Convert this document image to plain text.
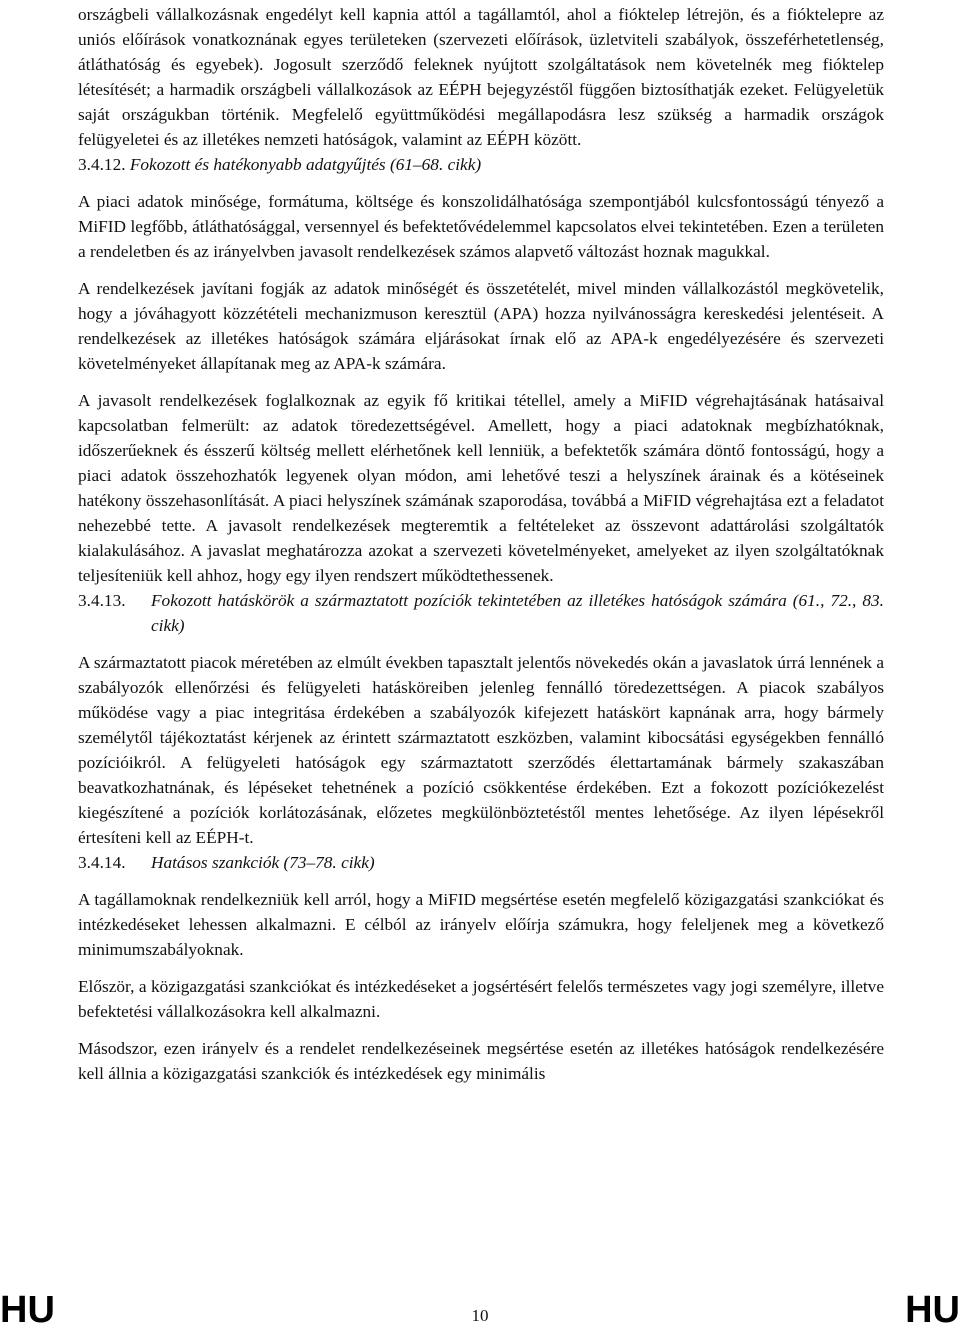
országbeli vállalkozásnak engedélyt kell kapnia attól a tagállamtól, ahol a fióktelep létrejön, és a fióktelepre az uniós előírások vonatkoznának egyes területeken (szervezeti előírások, üzletviteli szabályok, összeférhetetlenség, átláthatóság és egyebek). Jogosult szerződő feleknek nyújtott szolgáltatások nem követelnék meg fióktelep létesítését; a harmadik országbeli vállalkozások az EÉPH bejegyzéstől függően biztosíthatják ezeket. Felügyeletük saját országukban történik. Megfelelő együttműködési megállapodásra lesz szükség a harmadik országok felügyeletei és az illetékes nemzeti hatóságok, valamint az EÉPH között.

3.4.12. Fokozott és hatékonyabb adatgyűjtés (61–68. cikk)

A piaci adatok minősége, formátuma, költsége és konszolidálhatósága szempontjából kulcsfontosságú tényező a MiFID legfőbb, átláthatósággal, versennyel és befektetővédelemmel kapcsolatos elvei tekintetében. Ezen a területen a rendeletben és az irányelvben javasolt rendelkezések számos alapvető változást hoznak magukkal.

A rendelkezések javítani fogják az adatok minőségét és összetételét, mivel minden vállalkozástól megkövetelik, hogy a jóváhagyott közzétételi mechanizmuson keresztül (APA) hozza nyilvánosságra kereskedési jelentéseit. A rendelkezések az illetékes hatóságok számára eljárásokat írnak elő az APA-k engedélyezésére és szervezeti követelményeket állapítanak meg az APA-k számára.

A javasolt rendelkezések foglalkoznak az egyik fő kritikai tétellel, amely a MiFID végrehajtásának hatásaival kapcsolatban felmerült: az adatok töredezettségével. Amellett, hogy a piaci adatoknak megbízhatóknak, időszerűeknek és ésszerű költség mellett elérhetőnek kell lenniük, a befektetők számára döntő fontosságú, hogy a piaci adatok összehozhatók legyenek olyan módon, ami lehetővé teszi a helyszínek árainak és a kötéseinek hatékony összehasonlítását. A piaci helyszínek számának szaporodása, továbbá a MiFID végrehajtása ezt a feladatot nehezebbé tette. A javasolt rendelkezések megteremtik a feltételeket az összevont adattárolási szolgáltatók kialakulásához. A javaslat meghatározza azokat a szervezeti követelményeket, amelyeket az ilyen szolgáltatóknak teljesíteniük kell ahhoz, hogy egy ilyen rendszert működtethessenek.

3.4.13.	Fokozott hatáskörök a származtatott pozíciók tekintetében az illetékes hatóságok számára (61., 72., 83. cikk)

A származtatott piacok méretében az elmúlt években tapasztalt jelentős növekedés okán a javaslatok úrrá lennének a szabályozók ellenőrzési és felügyeleti hatásköreiben jelenleg fennálló töredezettségen. A piacok szabályos működése vagy a piac integritása érdekében a szabályozók kifejezett hatáskört kapnának arra, hogy bármely személytől tájékoztatást kérjenek az érintett származtatott eszközben, valamint kibocsátási egységekben fennálló pozícióikról. A felügyeleti hatóságok egy származtatott szerződés élettartamának bármely szakaszában beavatkozhatnának, és lépéseket tehetnének a pozíció csökkentése érdekében. Ezt a fokozott pozíciókezelést kiegészítené a pozíciók korlátozásának, előzetes megkülönböztetéstől mentes lehetősége. Az ilyen lépésekről értesíteni kell az EÉPH-t.

3.4.14.	Hatásos szankciók (73–78. cikk)

A tagállamoknak rendelkezniük kell arról, hogy a MiFID megsértése esetén megfelelő közigazgatási szankciókat és intézkedéseket lehessen alkalmazni. E célból az irányelv előírja számukra, hogy feleljenek meg a következő minimumszabályoknak.

Először, a közigazgatási szankciókat és intézkedéseket a jogsértésért felelős természetes vagy jogi személyre, illetve befektetési vállalkozásokra kell alkalmazni.

Másodszor, ezen irányelv és a rendelet rendelkezéseinek megsértése esetén az illetékes hatóságok rendelkezésére kell állnia a közigazgatási szankciók és intézkedések egy minimális

HU	10	HU
